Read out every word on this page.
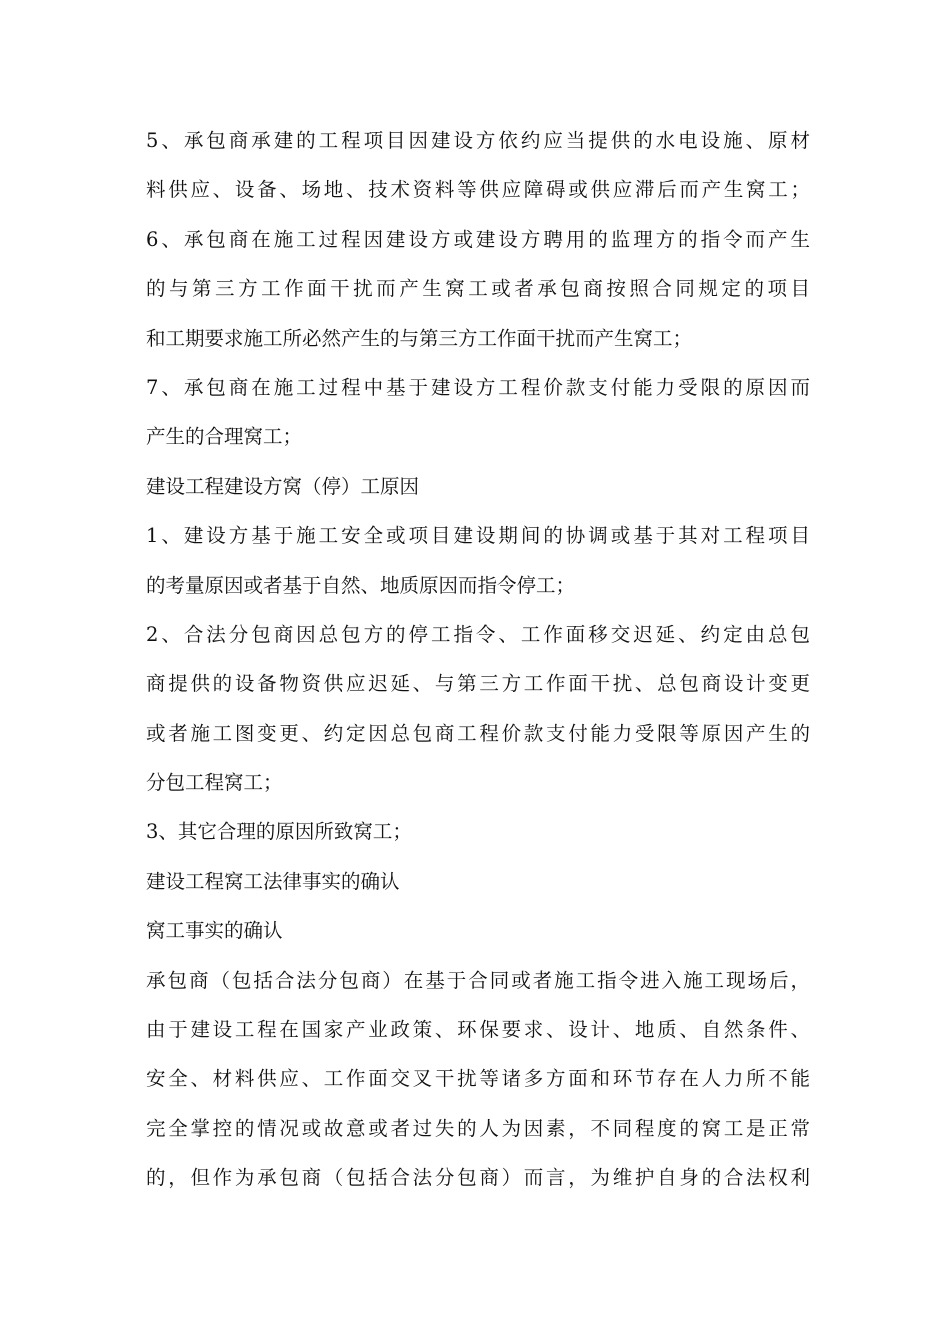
5、承包商承建的工程项目因建设方依约应当提供的水电设施、原材
料供应、设备、场地、技术资料等供应障碍或供应滞后而产生窝工；
6、承包商在施工过程因建设方或建设方聘用的监理方的指令而产生
的与第三方工作面干扰而产生窝工或者承包商按照合同规定的项目
和工期要求施工所必然产生的与第三方工作面干扰而产生窝工；
7、承包商在施工过程中基于建设方工程价款支付能力受限的原因而
产生的合理窝工；
建设工程建设方窝（停）工原因
1、建设方基于施工安全或项目建设期间的协调或基于其对工程项目
的考量原因或者基于自然、地质原因而指令停工；
2、合法分包商因总包方的停工指令、工作面移交迟延、约定由总包
商提供的设备物资供应迟延、与第三方工作面干扰、总包商设计变更
或者施工图变更、约定因总包商工程价款支付能力受限等原因产生的
分包工程窝工；
3、其它合理的原因所致窝工；
建设工程窝工法律事实的确认
窝工事实的确认
承包商（包括合法分包商）在基于合同或者施工指令进入施工现场后，
由于建设工程在国家产业政策、环保要求、设计、地质、自然条件、
安全、材料供应、工作面交叉干扰等诸多方面和环节存在人力所不能
完全掌控的情况或故意或者过失的人为因素，不同程度的窝工是正常
的，但作为承包商（包括合法分包商）而言，为维护自身的合法权利
